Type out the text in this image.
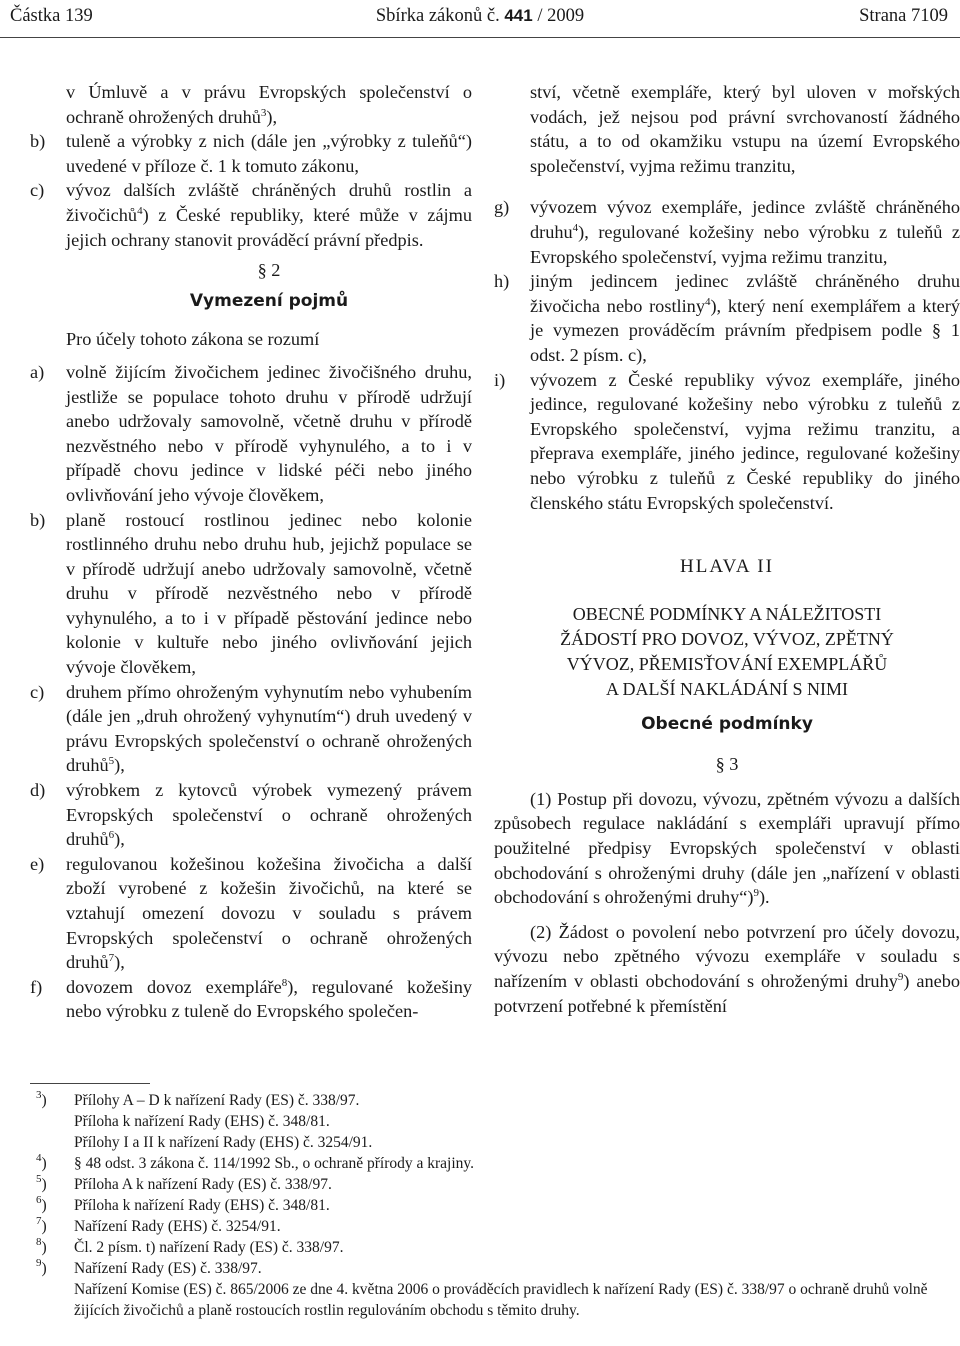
Částka 139	Sbírka zákonů č. 441 / 2009	Strana 7109
v Úmluvě a v právu Evropských společenství o ochraně ohrožených druhů$^3$),
b)	tuleně a výrobky z nich (dále jen „výrobky z tuleňů“) uvedené v příloze č. 1 k tomuto zákonu,
c)	vývoz dalších zvláště chráněných druhů rostlin a živočichů$^4$) z České republiky, které může v zájmu jejich ochrany stanovit prováděcí právní předpis.
§ 2
Vymezení pojmů
Pro účely tohoto zákona se rozumí
a)	volně žijícím živočichem jedinec živočišného druhu, jestliže se populace tohoto druhu v přírodě udržují anebo udržovaly samovolně, včetně druhu v přírodě nezvěstného nebo v přírodě vyhynulého, a to i v případě chovu jedince v lidské péči nebo jiného ovlivňování jeho vývoje člověkem,
b)	planě rostoucí rostlinou jedinec nebo kolonie rostlinného druhu nebo druhu hub, jejichž populace se v přírodě udržují anebo udržovaly samovolně, včetně druhu v přírodě nezvěstného nebo v přírodě vyhynulého, a to i v případě pěstování jedince nebo kolonie v kultuře nebo jiného ovlivňování jejich vývoje člověkem,
c)	druhem přímo ohroženým vyhynutím nebo vyhubením (dále jen „druh ohrožený vyhynutím“) druh uvedený v právu Evropských společenství o ochraně ohrožených druhů$^5$),
d)	výrobkem z kytovců výrobek vymezený právem Evropských společenství o ochraně ohrožených druhů$^6$),
e)	regulovanou kožešinou kožešina živočicha a další zboží vyrobené z kožešin živočichů, na které se vztahují omezení dovozu v souladu s právem Evropských společenství o ochraně ohrožených druhů$^7$),
f)	dovozem dovoz exempláře$^8$), regulované kožešiny nebo výrobku z tuleně do Evropského společen-
ství, včetně exempláře, který byl uloven v mořských vodách, jež nejsou pod právní svrchovaností žádného státu, a to od okamžiku vstupu na území Evropského společenství, vyjma režimu tranzitu,
g)	vývozem vývoz exempláře, jedince zvláště chráněného druhu$^4$), regulované kožešiny nebo výrobku z tuleňů z Evropského společenství, vyjma režimu tranzitu,
h)	jiným jedincem jedinec zvláště chráněného druhu živočicha nebo rostliny$^4$), který není exemplářem a který je vymezen prováděcím právním předpisem podle § 1 odst. 2 písm. c),
i)	vývozem z České republiky vývoz exempláře, jiného jedince, regulované kožešiny nebo výrobku z tuleňů z Evropského společenství, vyjma režimu tranzitu, a přeprava exempláře, jiného jedince, regulované kožešiny nebo výrobku z tuleňů z České republiky do jiného členského státu Evropských společenství.
HLAVA II
OBECNÉ PODMÍNKY A NÁLEŽITOSTI
ŽÁDOSTÍ PRO DOVOZ, VÝVOZ, ZPĚTNÝ
VÝVOZ, PŘEMISŤOVÁNÍ EXEMPLÁŘŮ
A DALŠÍ NAKLÁDÁNÍ S NIMI
Obecné podmínky
§ 3
(1) Postup při dovozu, vývozu, zpětném vývozu a dalších způsobech regulace nakládání s exempláři upravují přímo použitelné předpisy Evropských společenství v oblasti obchodování s ohroženými druhy (dále jen „nařízení v oblasti obchodování s ohroženými druhy“)$^9$).
(2) Žádost o povolení nebo potvrzení pro účely dovozu, vývozu nebo zpětného vývozu exempláře v souladu s nařízením v oblasti obchodování s ohroženými druhy$^9$) anebo potvrzení potřebné k přemístění
$^3$)	Přílohy A – D k nařízení Rady (ES) č. 338/97.
Příloha k nařízení Rady (EHS) č. 348/81.
Přílohy I a II k nařízení Rady (EHS) č. 3254/91.
$^4$)	§ 48 odst. 3 zákona č. 114/1992 Sb., o ochraně přírody a krajiny.
$^5$)	Příloha A k nařízení Rady (ES) č. 338/97.
$^6$)	Příloha k nařízení Rady (EHS) č. 348/81.
$^7$)	Nařízení Rady (EHS) č. 3254/91.
$^8$)	Čl. 2 písm. t) nařízení Rady (ES) č. 338/97.
$^9$)	Nařízení Rady (ES) č. 338/97.
Nařízení Komise (ES) č. 865/2006 ze dne 4. května 2006 o prováděcích pravidlech k nařízení Rady (ES) č. 338/97 o ochraně druhů volně žijících živočichů a planě rostoucích rostlin regulováním obchodu s těmito druhy.
